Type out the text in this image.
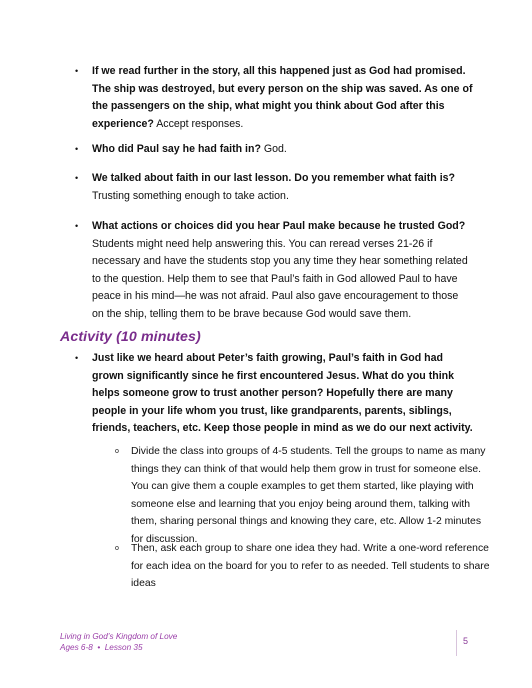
• If we read further in the story, all this happened just as God had promised. The ship was destroyed, but every person on the ship was saved. As one of the passengers on the ship, what might you think about God after this experience? Accept responses.
• Who did Paul say he had faith in? God.
• We talked about faith in our last lesson. Do you remember what faith is? Trusting something enough to take action.
• What actions or choices did you hear Paul make because he trusted God? Students might need help answering this. You can reread verses 21-26 if necessary and have the students stop you any time they hear something related to the question. Help them to see that Paul’s faith in God allowed Paul to have peace in his mind—he was not afraid. Paul also gave encouragement to those on the ship, telling them to be brave because God would save them.
Activity (10 minutes)
• Just like we heard about Peter’s faith growing, Paul’s faith in God had grown significantly since he first encountered Jesus. What do you think helps someone grow to trust another person? Hopefully there are many people in your life whom you trust, like grandparents, parents, siblings, friends, teachers, etc. Keep those people in mind as we do our next activity.

o Divide the class into groups of 4-5 students. Tell the groups to name as many things they can think of that would help them grow in trust for someone else. You can give them a couple examples to get them started, like playing with someone else and learning that you enjoy being around them, talking with them, sharing personal things and knowing they care, etc. Allow 1-2 minutes for discussion.

o Then, ask each group to share one idea they had. Write a one-word reference for each idea on the board for you to refer to as needed. Tell students to share ideas

Living in God’s Kingdom of Love
Ages 6-8  •  Lesson 35
5
